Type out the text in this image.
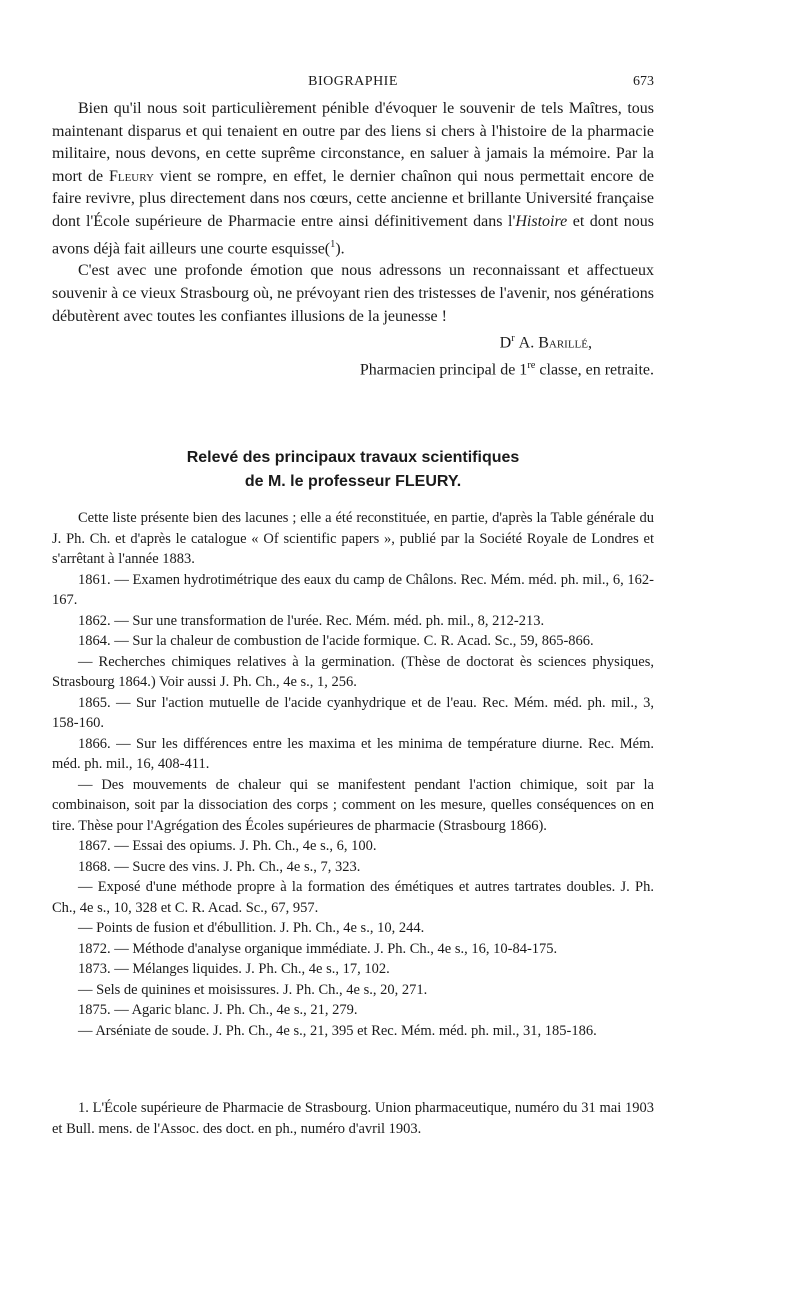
BIOGRAPHIE	673

Bien qu'il nous soit particulièrement pénible d'évoquer le souvenir de tels Maîtres, tous maintenant disparus et qui tenaient en outre par des liens si chers à l'histoire de la pharmacie militaire, nous devons, en cette suprême circonstance, en saluer à jamais la mémoire. Par la mort de Fleury vient se rompre, en effet, le dernier chaînon qui nous permettait encore de faire revivre, plus directement dans nos cœurs, cette ancienne et brillante Université française dont l'École supérieure de Pharmacie entre ainsi définitivement dans l'Histoire et dont nous avons déjà fait ailleurs une courte esquisse($^1$).

C'est avec une profonde émotion que nous adressons un reconnaissant et affectueux souvenir à ce vieux Strasbourg où, ne prévoyant rien des tristesses de l'avenir, nos générations débutèrent avec toutes les confiantes illusions de la jeunesse !

$D^r$ A. Barillé,

Pharmacien principal de 1re classe, en retraite.

Relevé des principaux travaux scientifiques
de M. le professeur FLEURY.

Cette liste présente bien des lacunes ; elle a été reconstituée, en partie, d'après la Table générale du J. Ph. Ch. et d'après le catalogue « Of scientific papers », publié par la Société Royale de Londres et s'arrêtant à l'année 1883.

1861. — Examen hydrotimétrique des eaux du camp de Châlons. Rec. Mém. méd. ph. mil., 6, 162-167.

1862. — Sur une transformation de l'urée. Rec. Mém. méd. ph. mil., 8, 212-213.

1864. — Sur la chaleur de combustion de l'acide formique. C. R. Acad. Sc., 59, 865-866.

— Recherches chimiques relatives à la germination. (Thèse de doctorat ès sciences physiques, Strasbourg 1864.) Voir aussi J. Ph. Ch., 4e s., 1, 256.

1865. — Sur l'action mutuelle de l'acide cyanhydrique et de l'eau. Rec. Mém. méd. ph. mil., 3, 158-160.

1866. — Sur les différences entre les maxima et les minima de température diurne. Rec. Mém. méd. ph. mil., 16, 408-411.

— Des mouvements de chaleur qui se manifestent pendant l'action chimique, soit par la combinaison, soit par la dissociation des corps ; comment on les mesure, quelles conséquences on en tire. Thèse pour l'Agrégation des Écoles supérieures de pharmacie (Strasbourg 1866).

1867. — Essai des opiums. J. Ph. Ch., 4e s., 6, 100.

1868. — Sucre des vins. J. Ph. Ch., 4e s., 7, 323.

— Exposé d'une méthode propre à la formation des émétiques et autres tartrates doubles. J. Ph. Ch., 4e s., 10, 328 et C. R. Acad. Sc., 67, 957.

— Points de fusion et d'ébullition. J. Ph. Ch., 4e s., 10, 244.

1872. — Méthode d'analyse organique immédiate. J. Ph. Ch., 4e s., 16, 10-84-175.

1873. — Mélanges liquides. J. Ph. Ch., 4e s., 17, 102.

— Sels de quinines et moisissures. J. Ph. Ch., 4e s., 20, 271.

1875. — Agaric blanc. J. Ph. Ch., 4e s., 21, 279.

— Arséniate de soude. J. Ph. Ch., 4e s., 21, 395 et Rec. Mém. méd. ph. mil., 31, 185-186.

1. L'École supérieure de Pharmacie de Strasbourg. Union pharmaceutique, numéro du 31 mai 1903 et Bull. mens. de l'Assoc. des doct. en ph., numéro d'avril 1903.
